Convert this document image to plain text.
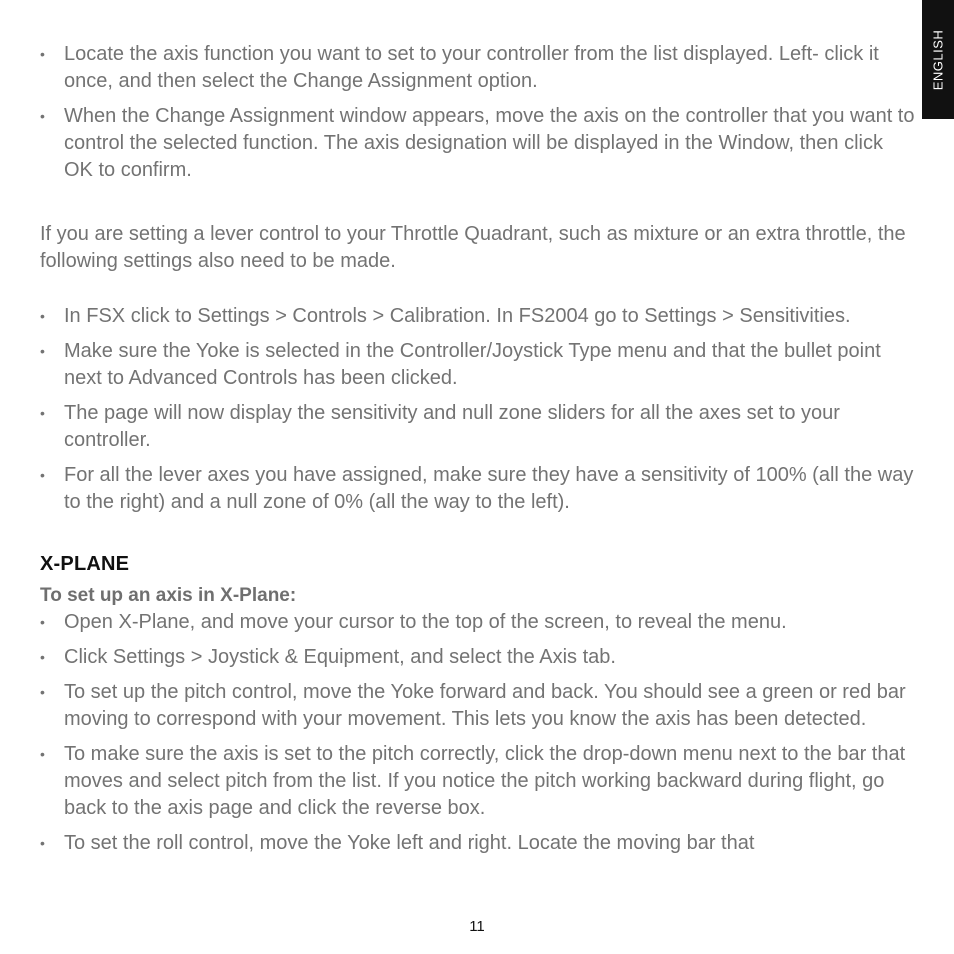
ENGLISH
• Locate the axis function you want to set to your controller from the list displayed. Left- click it once, and then select the Change Assignment option.
• When the Change Assignment window appears, move the axis on the controller that you want to control the selected function. The axis designation will be displayed in the Window, then click OK to confirm.

If you are setting a lever control to your Throttle Quadrant, such as mixture or an extra throttle, the following settings also need to be made.

• In FSX click to Settings > Controls > Calibration. In FS2004 go to Settings > Sensitivities.
• Make sure the Yoke is selected in the Controller/Joystick Type menu and that the bullet point next to Advanced Controls has been clicked.
• The page will now display the sensitivity and null zone sliders for all the axes set to your controller.
• For all the lever axes you have assigned, make sure they have a sensitivity of 100% (all the way to the right) and a null zone of 0% (all the way to the left).
X-PLANE

To set up an axis in X-Plane:

• Open X-Plane, and move your cursor to the top of the screen, to reveal the menu.
• Click Settings > Joystick & Equipment, and select the Axis tab.
• To set up the pitch control, move the Yoke forward and back. You should see a green or red bar moving to correspond with your movement. This lets you know the axis has been detected.
• To make sure the axis is set to the pitch correctly, click the drop-down menu next to the bar that moves and select pitch from the list. If you notice the pitch working backward during flight, go back to the axis page and click the reverse box.
• To set the roll control, move the Yoke left and right. Locate the moving bar that
11
